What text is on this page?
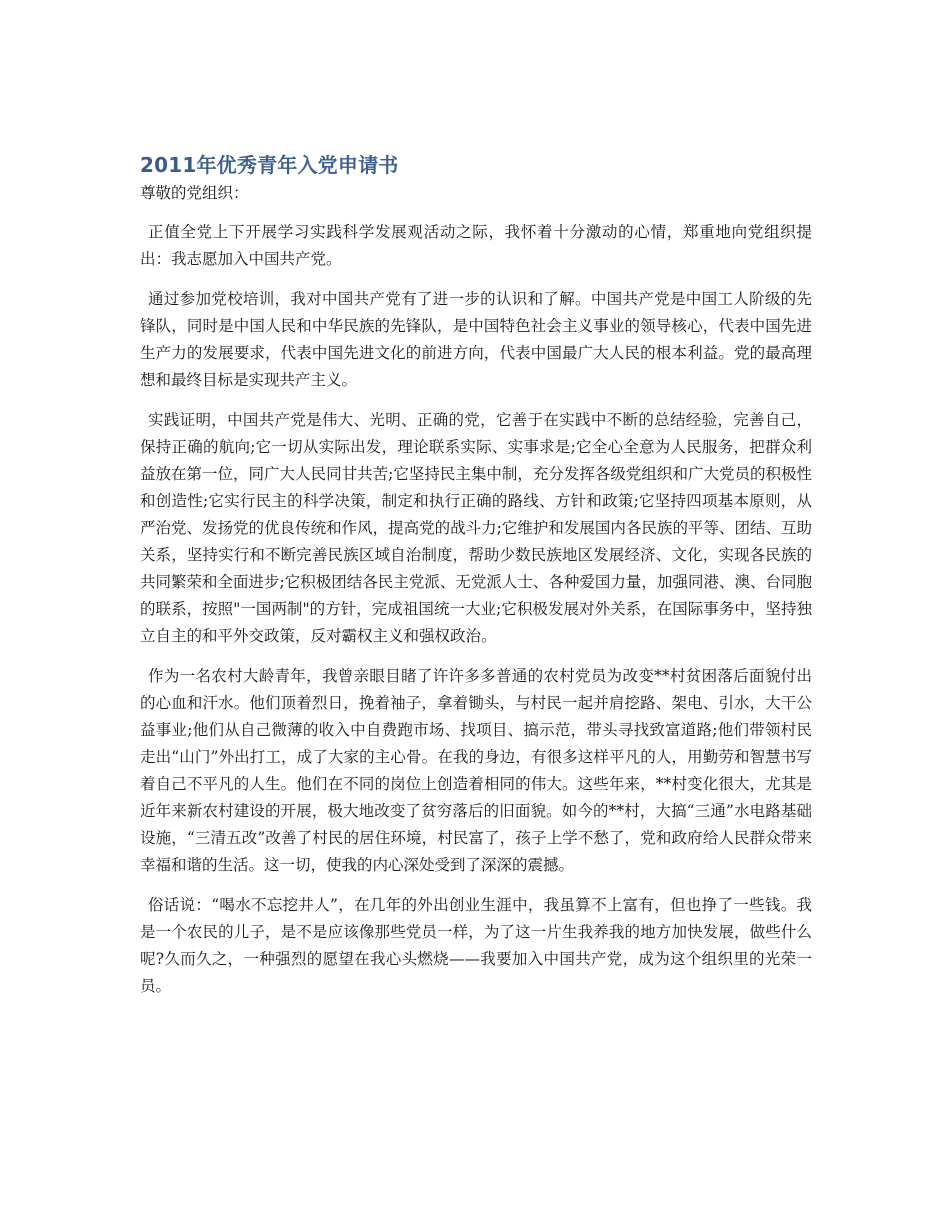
2011年优秀青年入党申请书

尊敬的党组织：

正值全党上下开展学习实践科学发展观活动之际，我怀着十分激动的心情，郑重地向党组织提出：我志愿加入中国共产党。

通过参加党校培训，我对中国共产党有了进一步的认识和了解。中国共产党是中国工人阶级的先锋队，同时是中国人民和中华民族的先锋队，是中国特色社会主义事业的领导核心，代表中国先进生产力的发展要求，代表中国先进文化的前进方向，代表中国最广大人民的根本利益。党的最高理想和最终目标是实现共产主义。

实践证明，中国共产党是伟大、光明、正确的党，它善于在实践中不断的总结经验，完善自己，保持正确的航向;它一切从实际出发，理论联系实际、实事求是;它全心全意为人民服务，把群众利益放在第一位，同广大人民同甘共苦;它坚持民主集中制，充分发挥各级党组织和广大党员的积极性和创造性;它实行民主的科学决策，制定和执行正确的路线、方针和政策;它坚持四项基本原则，从严治党、发扬党的优良传统和作风，提高党的战斗力;它维护和发展国内各民族的平等、团结、互助关系，坚持实行和不断完善民族区域自治制度，帮助少数民族地区发展经济、文化，实现各民族的共同繁荣和全面进步;它积极团结各民主党派、无党派人士、各种爱国力量，加强同港、澳、台同胞的联系，按照"一国两制"的方针，完成祖国统一大业;它积极发展对外关系，在国际事务中，坚持独立自主的和平外交政策，反对霸权主义和强权政治。

作为一名农村大龄青年，我曾亲眼目睹了许许多多普通的农村党员为改变**村贫困落后面貌付出的心血和汗水。他们顶着烈日，挽着袖子，拿着锄头，与村民一起并肩挖路、架电、引水，大干公益事业;他们从自己微薄的收入中自费跑市场、找项目、搞示范，带头寻找致富道路;他们带领村民走出“山门”外出打工，成了大家的主心骨。在我的身边，有很多这样平凡的人，用勤劳和智慧书写着自己不平凡的人生。他们在不同的岗位上创造着相同的伟大。这些年来，**村变化很大，尤其是近年来新农村建设的开展，极大地改变了贫穷落后的旧面貌。如今的**村，大搞“三通”水电路基础设施，“三清五改”改善了村民的居住环境，村民富了，孩子上学不愁了，党和政府给人民群众带来幸福和谐的生活。这一切，使我的内心深处受到了深深的震撼。

俗话说：“喝水不忘挖井人”，在几年的外出创业生涯中，我虽算不上富有，但也挣了一些钱。我是一个农民的儿子，是不是应该像那些党员一样，为了这一片生我养我的地方加快发展，做些什么呢?久而久之，一种强烈的愿望在我心头燃烧——我要加入中国共产党，成为这个组织里的光荣一员。
